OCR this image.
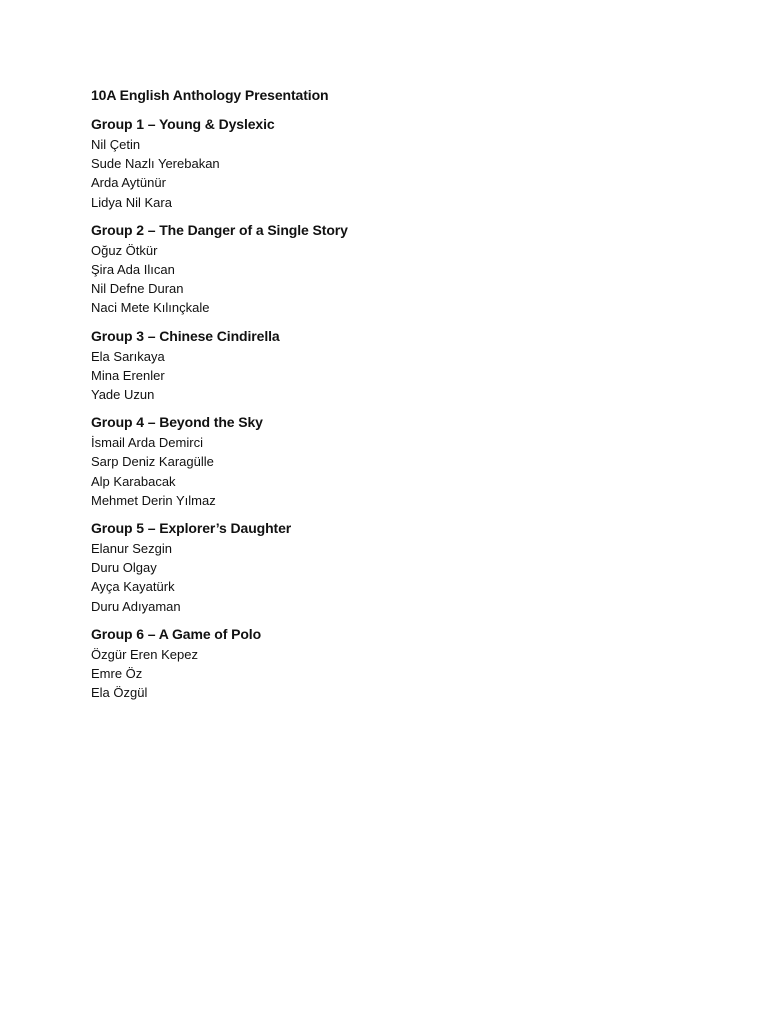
10A English Anthology Presentation
Group 1 – Young & Dyslexic
Nil Çetin
Sude Nazlı Yerebakan
Arda Aytünür
Lidya Nil Kara
Group 2 – The Danger of a Single Story
Oğuz Ötkür
Şira Ada Ilıcan
Nil Defne Duran
Naci Mete Kılınçkale
Group 3 – Chinese Cindirella
Ela Sarıkaya
Mina Erenler
Yade Uzun
Group 4 – Beyond the Sky
İsmail Arda Demirci
Sarp Deniz Karagülle
Alp Karabacak
Mehmet Derin Yılmaz
Group 5 – Explorer’s Daughter
Elanur Sezgin
Duru Olgay
Ayça Kayatürk
Duru Adıyaman
Group 6 – A Game of Polo
Özgür Eren Kepez
Emre Öz
Ela Özgül
